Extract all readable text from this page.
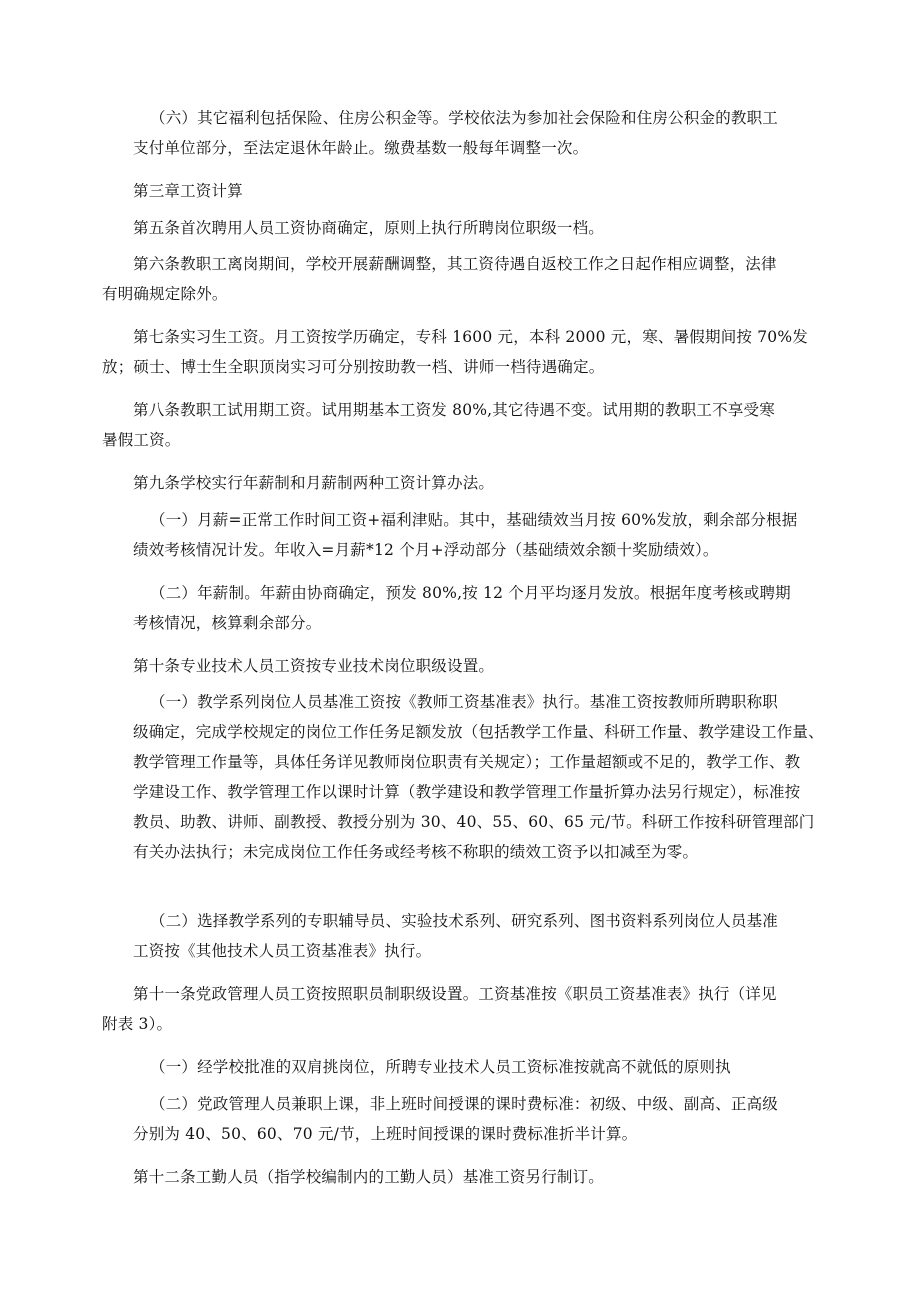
（六）其它福利包括保险、住房公积金等。学校依法为参加社会保险和住房公积金的教职工
支付单位部分，至法定退休年龄止。缴费基数一般每年调整一次。

第三章工资计算

第五条首次聘用人员工资协商确定，原则上执行所聘岗位职级一档。

第六条教职工离岗期间，学校开展薪酬调整，其工资待遇自返校工作之日起作相应调整，法律
有明确规定除外。

第七条实习生工资。月工资按学历确定，专科 1600 元，本科 2000 元，寒、暑假期间按 70%发
放；硕士、博士生全职顶岗实习可分别按助教一档、讲师一档待遇确定。

第八条教职工试用期工资。试用期基本工资发 80%,其它待遇不变。试用期的教职工不享受寒
暑假工资。

第九条学校实行年薪制和月薪制两种工资计算办法。

（一）月薪=正常工作时间工资+福利津贴。其中，基础绩效当月按 60%发放，剩余部分根据
绩效考核情况计发。年收入=月薪*12 个月+浮动部分（基础绩效余额十奖励绩效）。

（二）年薪制。年薪由协商确定，预发 80%,按 12 个月平均逐月发放。根据年度考核或聘期
考核情况，核算剩余部分。

第十条专业技术人员工资按专业技术岗位职级设置。

（一）教学系列岗位人员基准工资按《教师工资基准表》执行。基准工资按教师所聘职称职
级确定，完成学校规定的岗位工作任务足额发放（包括教学工作量、科研工作量、教学建设工作量、
教学管理工作量等，具体任务详见教师岗位职责有关规定）；工作量超额或不足的，教学工作、教
学建设工作、教学管理工作以课时计算（教学建设和教学管理工作量折算办法另行规定），标准按
教员、助教、讲师、副教授、教授分别为 30、40、55、60、65 元/节。科研工作按科研管理部门
有关办法执行；未完成岗位工作任务或经考核不称职的绩效工资予以扣减至为零。

（二）选择教学系列的专职辅导员、实验技术系列、研究系列、图书资料系列岗位人员基准
工资按《其他技术人员工资基准表》执行。

第十一条党政管理人员工资按照职员制职级设置。工资基准按《职员工资基准表》执行（详见
附表 3）。

（一）经学校批准的双肩挑岗位，所聘专业技术人员工资标准按就高不就低的原则执

（二）党政管理人员兼职上课，非上班时间授课的课时费标准：初级、中级、副高、正高级
分别为 40、50、60、70 元/节，上班时间授课的课时费标准折半计算。

第十二条工勤人员（指学校编制内的工勤人员）基准工资另行制订。
